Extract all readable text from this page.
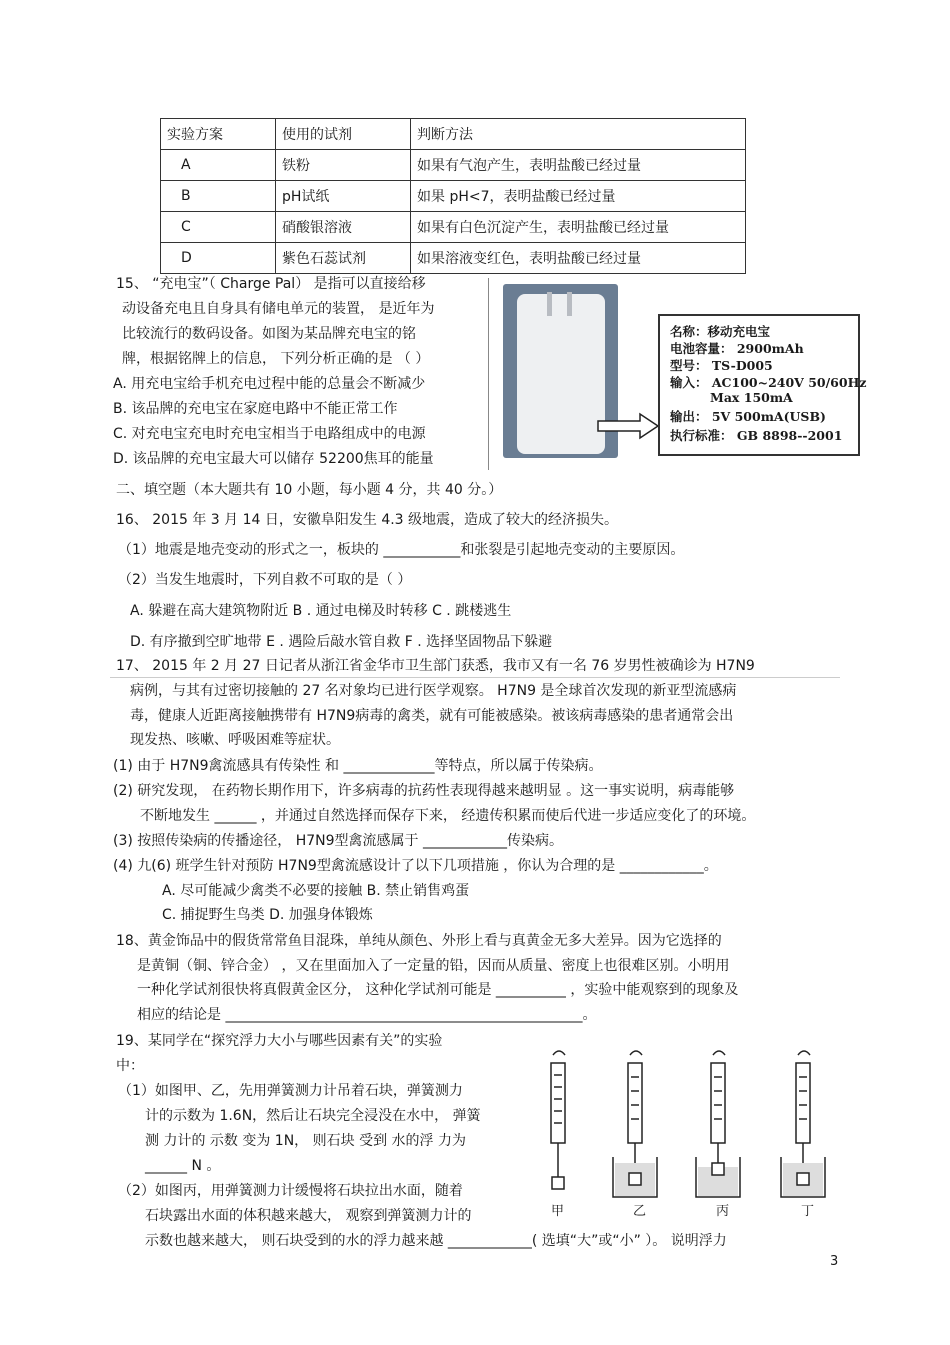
实验方案	使用的试剂	判断方法
A	铁粉	如果有气泡产生，表明盐酸已经过量
B	pH试纸	如果 pH<7，表明盐酸已经过量
C	硝酸银溶液	如果有白色沉淀产生，表明盐酸已经过量
D	紫色石蕊试剂	如果溶液变红色，表明盐酸已经过量
15、 “充电宝”（ Charge Pal） 是指可以直接给移
动设备充电且自身具有储电单元的装置， 是近年为
比较流行的数码设备。如图为某品牌充电宝的铭
牌，根据铭牌上的信息， 下列分析正确的是 （ ）
A. 用充电宝给手机充电过程中能的总量会不断减少
B. 该品牌的充电宝在家庭电路中不能正常工作
C. 对充电宝充电时充电宝相当于电路组成中的电源
D. 该品牌的充电宝最大可以储存 52200焦耳的能量
名称：移动充电宝
电池容量： 2900mAh
型号： TS-D005
输入： AC100~240V 50/60Hz
Max 150mA
输出： 5V 500mA(USB)
执行标准： GB 8898--2001
二、填空题（本大题共有 10 小题，每小题 4 分，共 40 分。）
16、 2015 年 3 月 14 日，安徽阜阳发生 4.3 级地震，造成了较大的经济损失。
（1）地震是地壳变动的形式之一，板块的 ___________和张裂是引起地壳变动的主要原因。
（2）当发生地震时，下列自救不可取的是（ ）
A. 躲避在高大建筑物附近 B . 通过电梯及时转移 C . 跳楼逃生
D. 有序撤到空旷地带 E . 遇险后敲水管自救 F . 选择坚固物品下躲避
17、 2015 年 2 月 27 日记者从浙江省金华市卫生部门获悉，我市又有一名 76 岁男性被确诊为 H7N9
病例，与其有过密切接触的 27 名对象均已进行医学观察。 H7N9 是全球首次发现的新亚型流感病
毒，健康人近距离接触携带有 H7N9病毒的禽类，就有可能被感染。被该病毒感染的患者通常会出
现发热、咳嗽、呼吸困难等症状。
(1) 由于 H7N9禽流感具有传染性 和 _____________等特点，所以属于传染病。
(2) 研究发现， 在药物长期作用下，许多病毒的抗药性表现得越来越明显 。这一事实说明，病毒能够
不断地发生 ______ ，并通过自然选择而保存下来， 经遗传积累而使后代进一步适应变化了的环境。
(3) 按照传染病的传播途径， H7N9型禽流感属于 ____________传染病。
(4) 九(6) 班学生针对预防 H7N9型禽流感设计了以下几项措施 ，你认为合理的是 ____________。
A. 尽可能减少禽类不必要的接触 B. 禁止销售鸡蛋
C. 捕捉野生鸟类 D. 加强身体锻炼
18、黄金饰品中的假货常常鱼目混珠，单纯从颜色、外形上看与真黄金无多大差异。因为它选择的
是黄铜（铜、锌合金） ，又在里面加入了一定量的铅，因而从质量、密度上也很难区别。小明用
一种化学试剂很快将真假黄金区分， 这种化学试剂可能是 __________ ，实验中能观察到的现象及
相应的结论是 ___________________________________________________。
19、某同学在“探究浮力大小与哪些因素有关”的实验
中：
（1）如图甲、乙，先用弹簧测力计吊着石块，弹簧测力
计的示数为 1.6N，然后让石块完全浸没在水中， 弹簧
测 力计的 示数 变为 1N， 则石块 受到 水的浮 力为
______ N 。
（2）如图丙，用弹簧测力计缓慢将石块拉出水面，随着
石块露出水面的体积越来越大， 观察到弹簧测力计的
示数也越来越大， 则石块受到的水的浮力越来越 ____________( 选填“大”或“小” ）。 说明浮力
甲	乙	丙	丁
3
